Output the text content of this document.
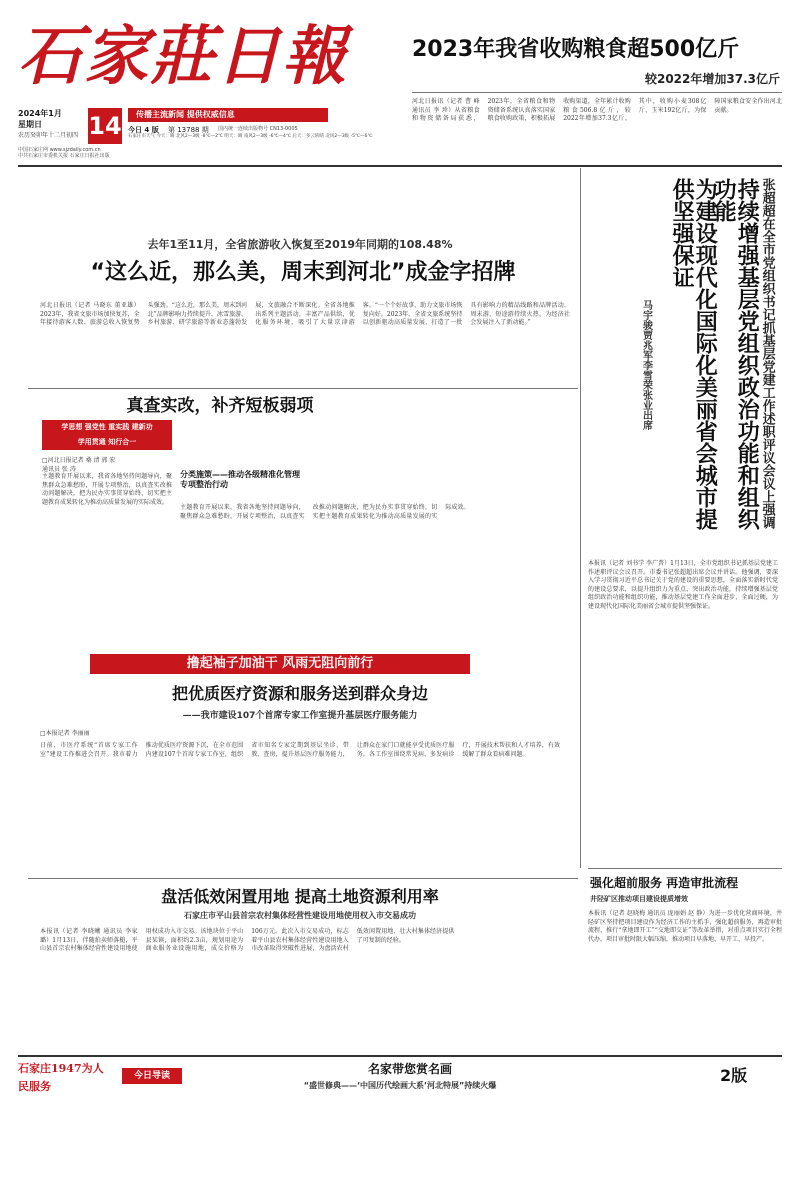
石家莊日報
2024年1月
星期日
农历癸卯年十二月初四 14	传播主流新闻 提供权威信息
今日 4 版 第 13788 期 国内统一连续出版物号 CN13-0005
石家庄市天气 今天：晴 北风2—3级 -8℃—2℃ 明天：晴 南风2—3级 -6℃—4℃ 后天：多云转晴 北风2—3级 -5℃—6℃
中国石家庄网 www.sjzdaily.com.cn
中共石家庄市委机关报 石家庄日报社出版
2023年我省收购粮食超500亿斤
较2022年增加37.3亿斤
河北日报讯（记者 曹 峰 通讯员 李 珍）从省粮食和物资储备局获悉，2023年，全省粮食和物资储备系统认真落实国家粮食收购政策，积极拓展收购渠道，全年累计收购粮食506.8亿斤，较2022年增加37.3亿斤。其中，收购小麦308亿斤、玉米192亿斤，为保障国家粮食安全作出河北贡献。
去年1至11月，全省旅游收入恢复至2019年同期的108.48%
“这么近，那么美，周末到河北”成金字招牌
河北日报讯（记者 马晓东 董亚雄）2023年，我省文旅市场加快复苏，全年接待游客人数、旅游总收入恢复势头强劲。“这么近，那么美，周末到河北”品牌影响力持续提升，冰雪旅游、乡村旅游、研学旅游等新业态蓬勃发展，文旅融合不断深化。全省各地推出系列主题活动，丰富产品供给，优化服务环境，吸引了大量京津游客。“一个个好故事，助力文旅市场恢复向好。2023年，全省文旅系统坚持以创新驱动高质量发展，打造了一批具有影响力的精品线路和品牌活动，周末游、短途游持续火热，为经济社会发展注入了新动能。”
真查实改，补齐短板弱项
学思想 强党性 重实践 建新功
学用贯通 知行合一
□河北日报记者 桑 清 郭 宏
通讯员 张 涛
主题教育开展以来，我省各地坚持问题导向，聚焦群众急难愁盼，开展专项整治，以真查实改推动问题解决，把为民办实事贯穿始终，切实把主题教育成果转化为推动高质量发展的实际成效。
分类施策——推动各级精准化管理专项整治行动
主题教育开展以来，我省各地坚持问题导向，聚焦群众急难愁盼，开展专项整治，以真查实改推动问题解决，把为民办实事贯穿始终，切实把主题教育成果转化为推动高质量发展的实际成效。
撸起袖子加油干 风雨无阻向前行
把优质医疗资源和服务送到群众身边
——我市建设107个首席专家工作室提升基层医疗服务能力
□本报记者 李丽丽
日前，市医疗系统“首席专家工作室”建设工作推进会召开。我市着力推动优质医疗资源下沉，在全市范围内建设107个首席专家工作室，组织省市知名专家定期到基层坐诊、带教、查房，提升基层医疗服务能力，让群众在家门口就能享受优质医疗服务。各工作室围绕常见病、多发病诊疗，开展技术帮扶和人才培养，有效缓解了群众看病难问题。
盘活低效闲置用地 提高土地资源利用率
石家庄市平山县首宗农村集体经营性建设用地使用权入市交易成功
本报讯（记者 李晓曦 通讯员 李家璐）1月13日，伴随拍卖师落槌，平山县首宗农村集体经营性建设用地使用权成功入市交易。该地块位于平山县某镇，面积约2.3亩，规划用途为商业服务业设施用地，成交价格为106万元。此次入市交易成功，标志着平山县农村集体经营性建设用地入市改革取得突破性进展，为盘活农村低效闲置用地、壮大村集体经济提供了可复制的经验。
张超超在全市党组织书记抓基层党建工作述职评议会议上强调
持续增强基层党组织政治功能和组织功能
为建设现代化国际化美丽省会城市提供坚强保证
马宇骏贾兆军李雪荣张业出席
本报讯（记者 刘书学 李广普）1月13日，全市党组织书记抓基层党建工作述职评议会议召开。市委书记张超超出席会议并讲话。他强调，要深入学习贯彻习近平总书记关于党的建设的重要思想，全面落实新时代党的建设总要求，以提升组织力为重点，突出政治功能，持续增强基层党组织政治功能和组织功能，推动基层党建工作全面进步、全面过硬，为建设现代化国际化美丽省会城市提供坚强保证。
强化超前服务 再造审批流程
井陉矿区推动项目建设提质增效
本报讯（记者 赵晓梅 通讯员 庞丽娟 赵 静）为进一步优化营商环境，井陉矿区坚持把项目建设作为经济工作的主抓手，强化超前服务，再造审批流程，推行“拿地即开工”“交地即交证”等改革举措，对重点项目实行全程代办，项目审批时限大幅压缩，推动项目早落地、早开工、早投产。
石家庄1947为人民服务
今日导读	名家带您赏名画
“盛世修典——‘中国历代绘画大系’河北特展”持续火爆
2版
